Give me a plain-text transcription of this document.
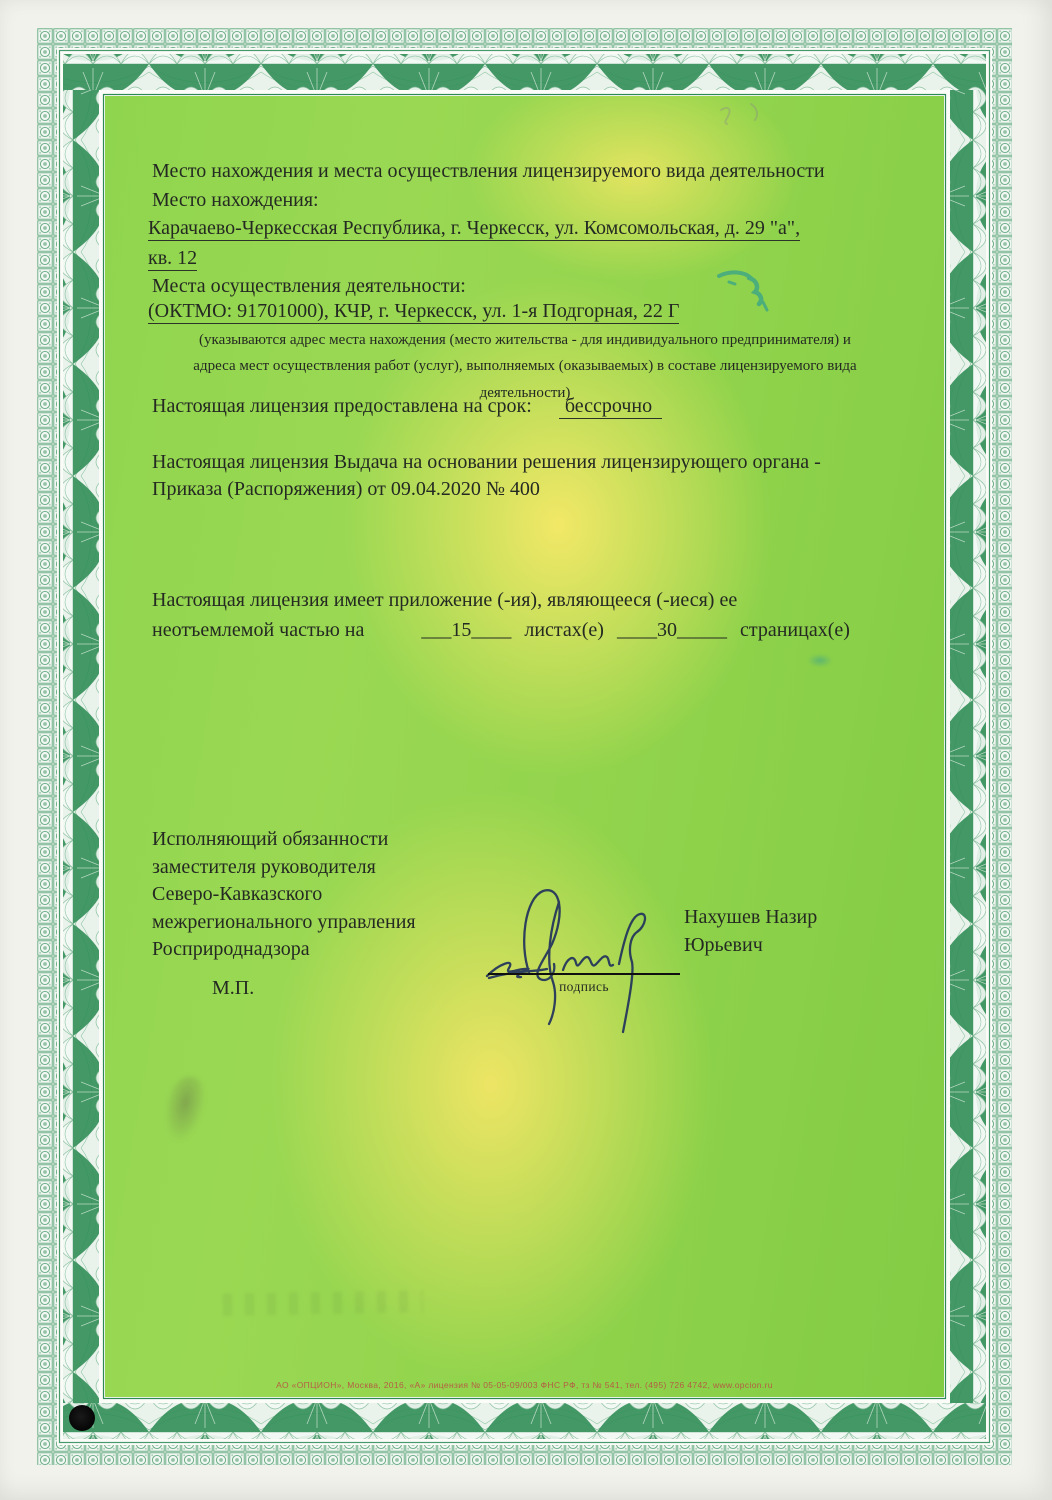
Место нахождения и места осуществления лицензируемого вида деятельности
Место нахождения:
Карачаево-Черкесская Республика, г. Черкесск, ул. Комсомольская, д. 29 "а",
кв. 12
Места осуществления деятельности:
(ОКТМО: 91701000), КЧР, г. Черкесск, ул. 1-я Подгорная, 22 Г
(указываются адрес места нахождения (место жительства - для индивидуального предпринимателя) и
адреса мест осуществления работ (услуг), выполняемых (оказываемых) в составе лицензируемого вида
деятельности)
Настоящая лицензия предоставлена на срок: бессрочно
Настоящая лицензия Выдача на основании решения лицензирующего органа -
Приказа (Распоряжения) от 09.04.2020 № 400
Настоящая лицензия имеет приложение (-ия), являющееся (-иеся) ее
неотъемлемой частью на	___15____ листах(е) ____30_____ страницах(е)
Исполняющий обязанности
заместителя руководителя
Северо-Кавказского
межрегионального управления
Росприроднадзора
М.П.	подпись
Нахушев Назир
Юрьевич
АО «ОПЦИОН», Москва, 2016, «А» лицензия № 05-05-09/003 ФНС РФ, тз № 541, тел. (495) 726 4742, www.opcion.ru
